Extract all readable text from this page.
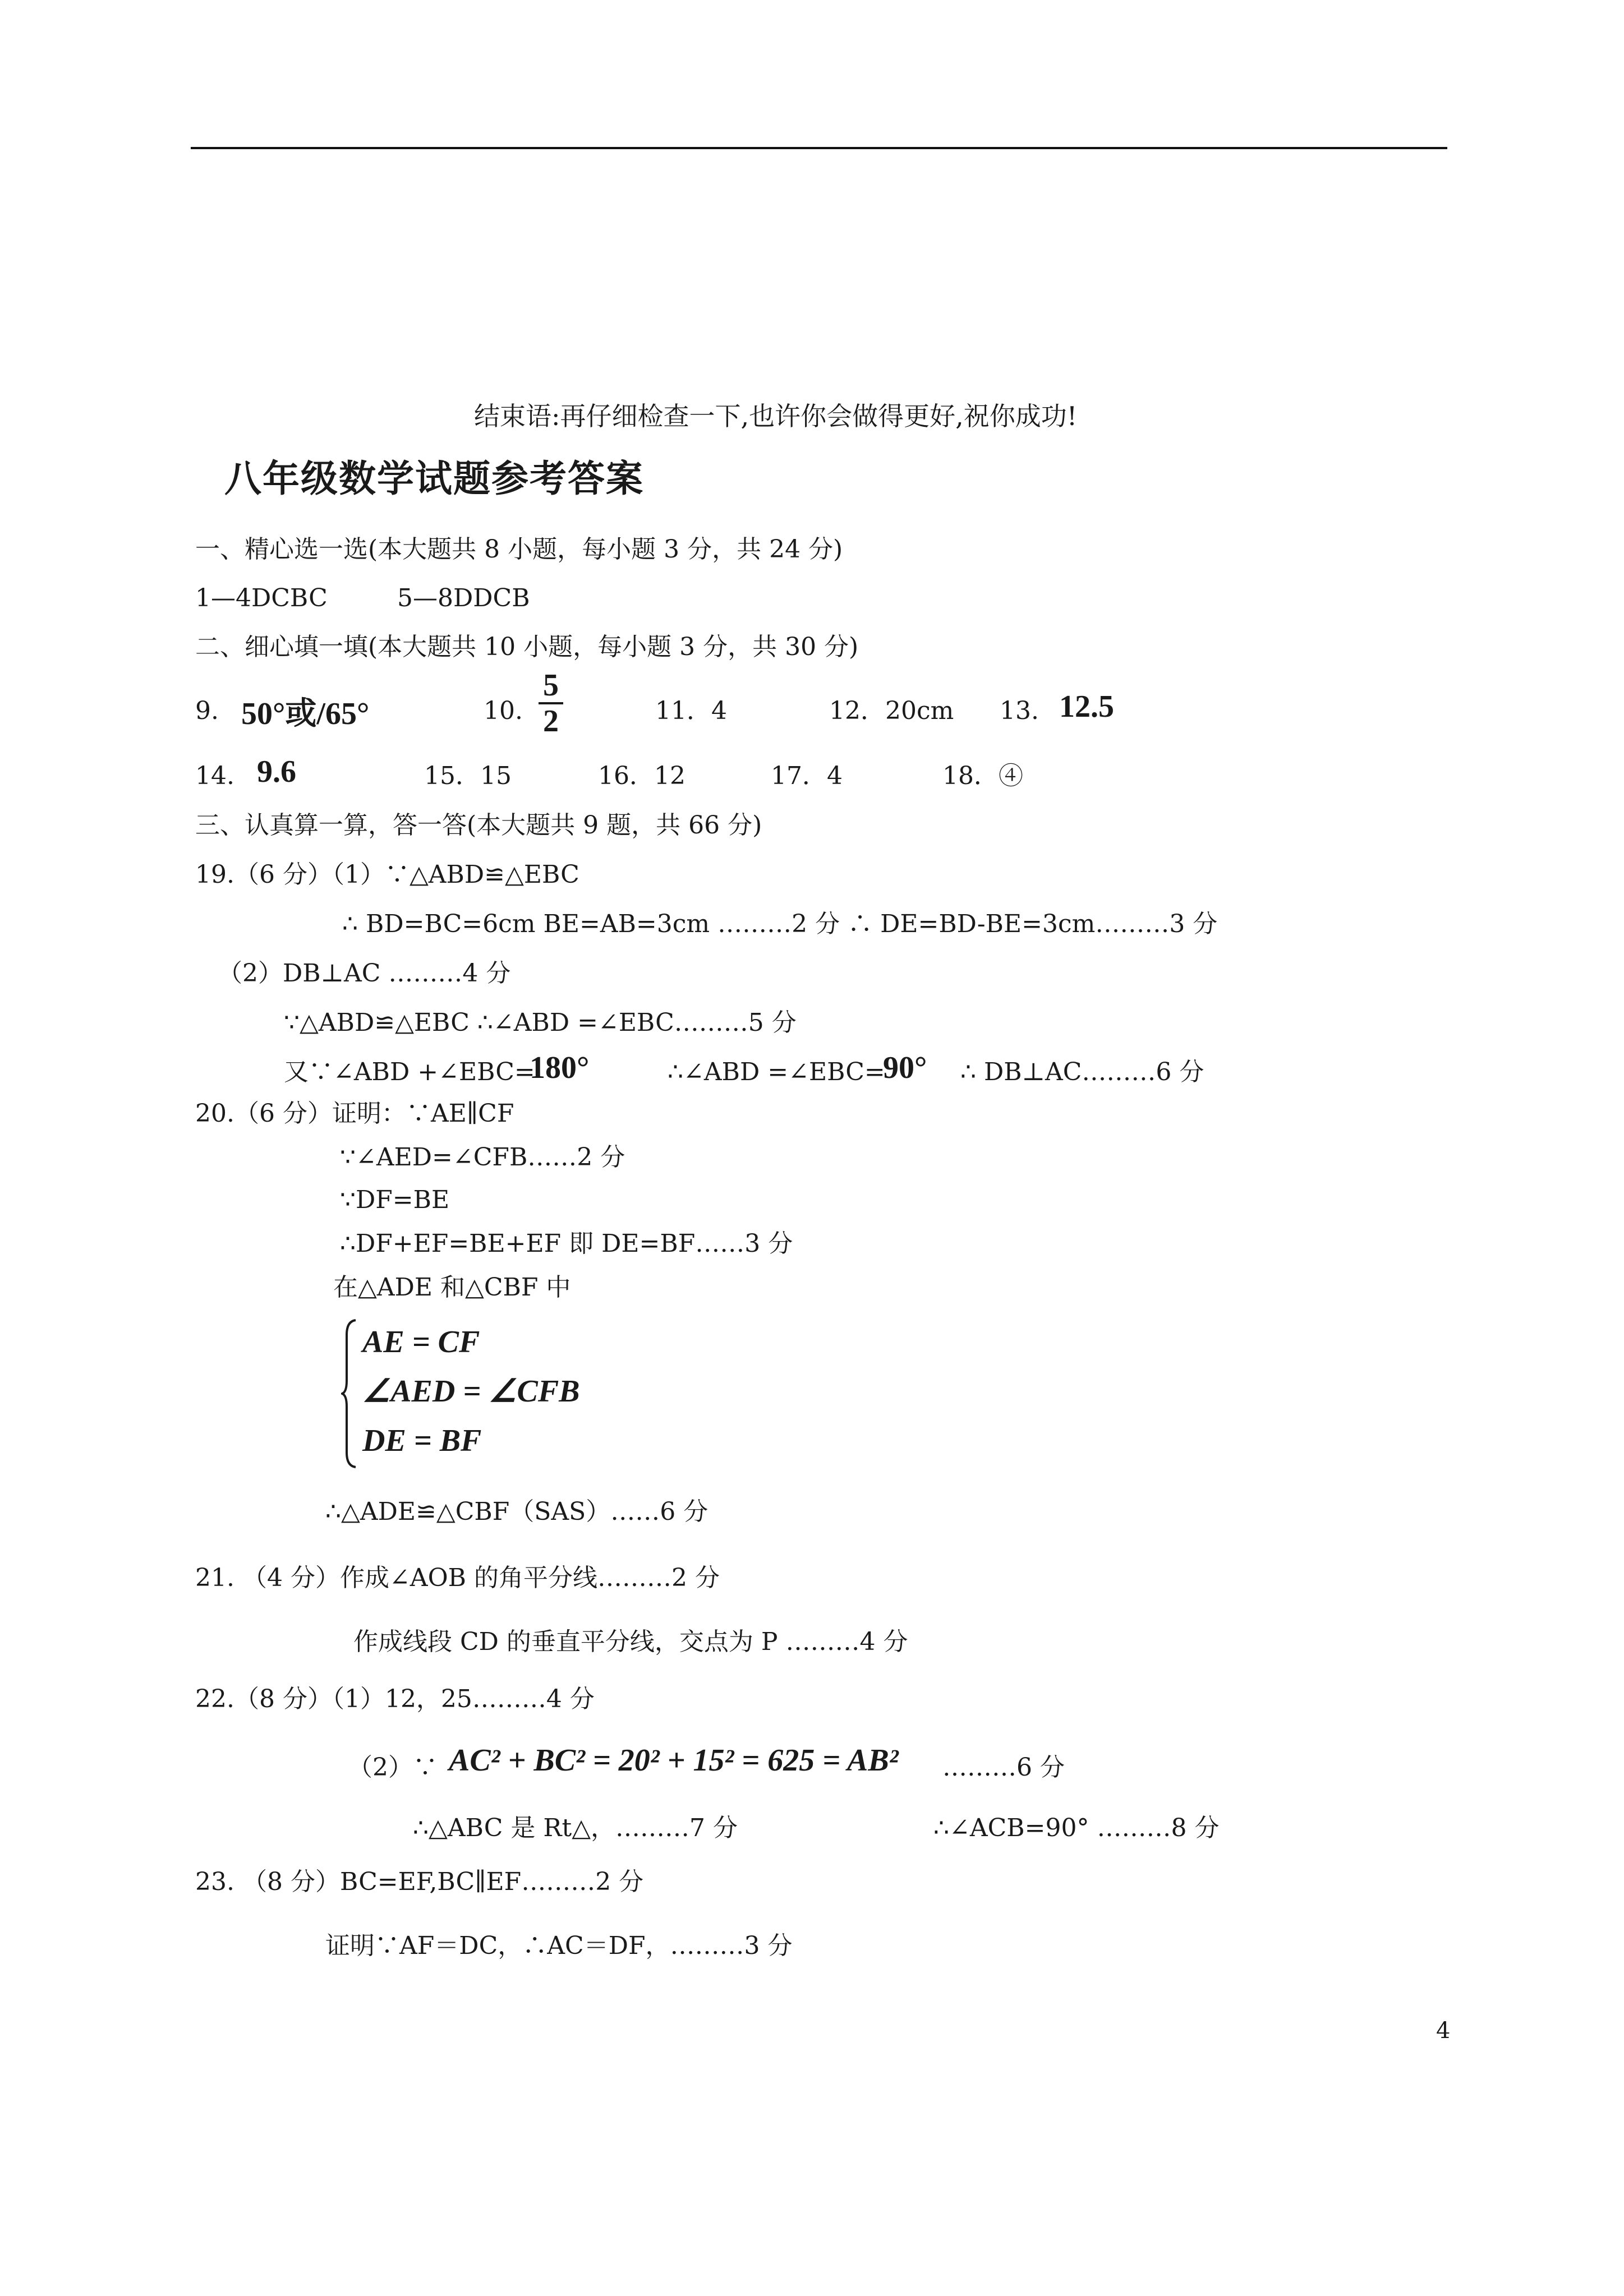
结束语:再仔细检查一下,也许你会做得更好,祝你成功!
八年级数学试题参考答案
一、精心选一选(本大题共 8 小题，每小题 3 分，共 24 分)
1—4DCBC	5—8DDCB
二、细心填一填(本大题共 10 小题，每小题 3 分，共 30 分)
9. 50°或/65°	10. $\frac{5}{2}$	11．4	12．20cm 13. 12.5
14. 9.6	15．15	16．12	17．4	18．④
三、认真算一算，答一答(本大题共 9 题，共 66 分)
19.（6 分）（1）∵△ABD≌△EBC
∴ BD=BC=6cm BE=AB=3cm ………2 分 ∴ DE=BD-BE=3cm………3 分
（2）DB⊥AC ………4 分
∵△ABD≌△EBC ∴∠ABD =∠EBC………5 分
又∵∠ABD +∠EBC=
180°	∴∠ABD =∠EBC=
90° ∴ DB⊥AC………6 分
20.（6 分）证明：∵AE∥CF
∵∠AED=∠CFB……2 分
∵DF=BE
∴DF+EF=BE+EF 即 DE=BF……3 分
在△ADE 和△CBF 中
AE = CF
∠AED = ∠CFB
DE = BF
∴△ADE≌△CBF（SAS）……6 分
21. （4 分）作成∠AOB 的角平分线………2 分
作成线段 CD 的垂直平分线，交点为 P ………4 分
22.（8 分）（1）12，25………4 分
（2）∵ AC² + BC² = 20² + 15² = 625 = AB² ………6 分
∴△ABC 是 Rt△，………7 分	∴∠ACB=90° ………8 分
23. （8 分）BC=EF,BC∥EF………2 分
证明∵AF＝DC，∴AC＝DF，………3 分
4
